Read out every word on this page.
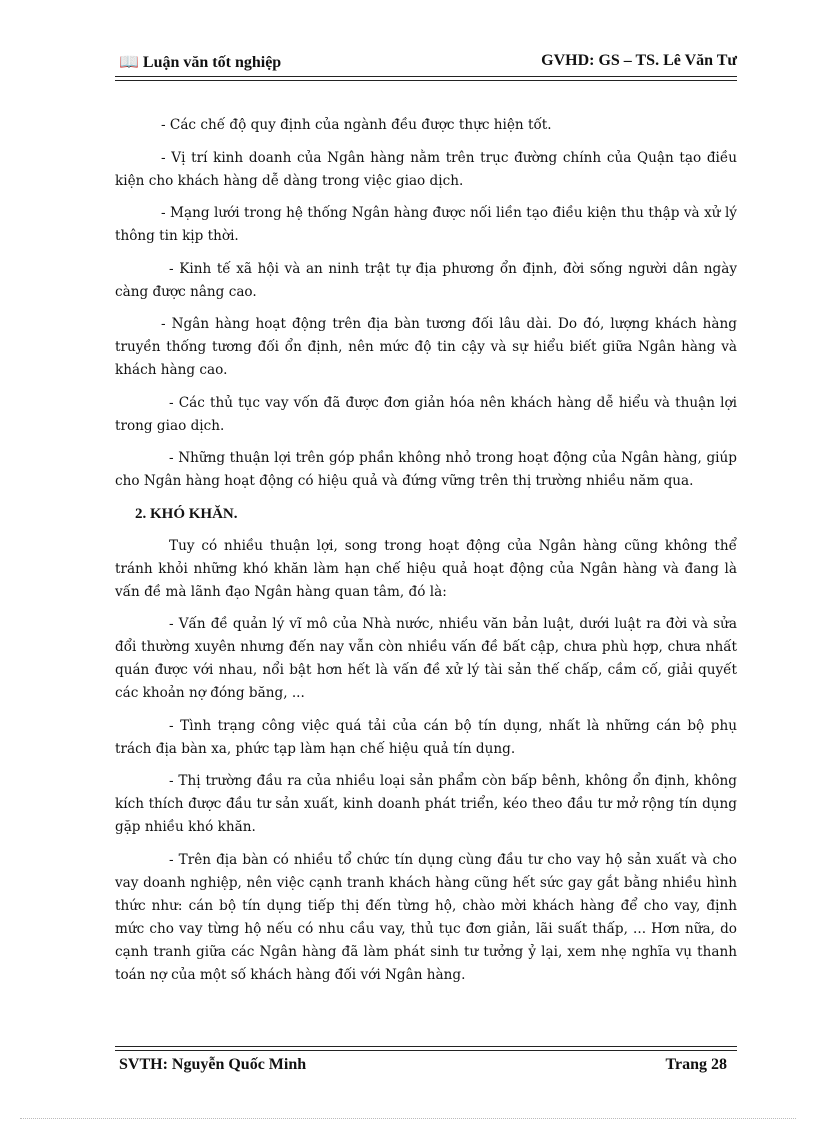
📖 Luận văn tốt nghiệp	GVHD: GS – TS. Lê Văn Tư

- Các chế độ quy định của ngành đều được thực hiện tốt.

- Vị trí kinh doanh của Ngân hàng nằm trên trục đường chính của Quận tạo điều kiện cho khách hàng dễ dàng trong việc giao dịch.

- Mạng lưới trong hệ thống Ngân hàng được nối liền tạo điều kiện thu thập và xử lý thông tin kịp thời.

- Kinh tế xã hội và an ninh trật tự địa phương ổn định, đời sống người dân ngày càng được nâng cao.

- Ngân hàng hoạt động trên địa bàn tương đối lâu dài. Do đó, lượng khách hàng truyền thống tương đối ổn định, nên mức độ tin cậy và sự hiểu biết giữa Ngân hàng và khách hàng cao.

- Các thủ tục vay vốn đã được đơn giản hóa nên khách hàng dễ hiểu và thuận lợi trong giao dịch.

- Những thuận lợi trên góp phần không nhỏ trong hoạt động của Ngân hàng, giúp cho Ngân hàng hoạt động có hiệu quả và đứng vững trên thị trường nhiều năm qua.

2. KHÓ KHĂN.

Tuy có nhiều thuận lợi, song trong hoạt động của Ngân hàng cũng không thể tránh khỏi những khó khăn làm hạn chế hiệu quả hoạt động của Ngân hàng và đang là vấn đề mà lãnh đạo Ngân hàng quan tâm, đó là:

- Vấn đề quản lý vĩ mô của Nhà nước, nhiều văn bản luật, dưới luật ra đời và sửa đổi thường xuyên nhưng đến nay vẫn còn nhiều vấn đề bất cập, chưa phù hợp, chưa nhất quán được với nhau, nổi bật hơn hết là vấn đề xử lý tài sản thế chấp, cầm cố, giải quyết các khoản nợ đóng băng, ...

- Tình trạng công việc quá tải của cán bộ tín dụng, nhất là những cán bộ phụ trách địa bàn xa, phức tạp làm hạn chế hiệu quả tín dụng.

- Thị trường đầu ra của nhiều loại sản phẩm còn bấp bênh, không ổn định, không kích thích được đầu tư sản xuất, kinh doanh phát triển, kéo theo đầu tư mở rộng tín dụng gặp nhiều khó khăn.

- Trên địa bàn có nhiều tổ chức tín dụng cùng đầu tư cho vay hộ sản xuất và cho vay doanh nghiệp, nên việc cạnh tranh khách hàng cũng hết sức gay gắt bằng nhiều hình thức như: cán bộ tín dụng tiếp thị đến từng hộ, chào mời khách hàng để cho vay, định mức cho vay từng hộ nếu có nhu cầu vay, thủ tục đơn giản, lãi suất thấp, ... Hơn nữa, do cạnh tranh giữa các Ngân hàng đã làm phát sinh tư tưởng ỷ lại, xem nhẹ nghĩa vụ thanh toán nợ của một số khách hàng đối với Ngân hàng.

SVTH: Nguyễn Quốc Minh	Trang 28
